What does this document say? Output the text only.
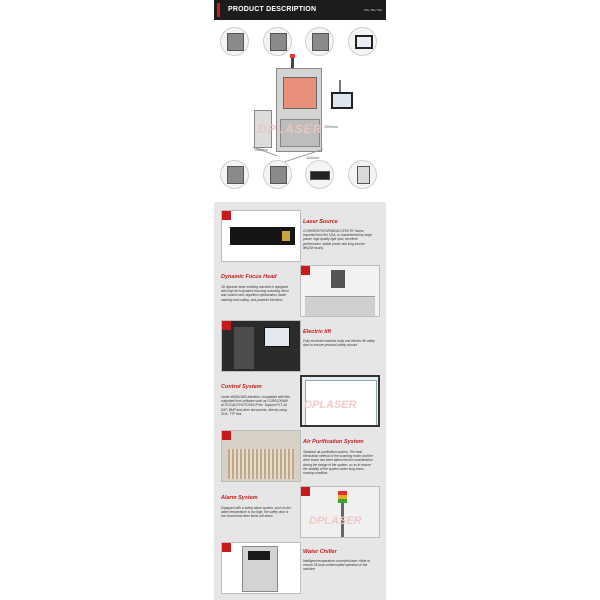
PRODUCT DESCRIPTION	Title Title Title
DPLASER
1350mm
1100mm
1900mm
Laser Source
COHERENT/SYNRAD/ACCESS RF lasers, imported from the USA, is characterized by large power, high-quality light spot, excellent performance, stable power and long service life(20k hours).
Dynamic Focus Head
3D dynamic laser marking machine is equipped with high-tech dynamic focusing scanning mirror and control card, algorithm optimization, faster marking and cutting, and powerful functions
Electric lift
Fully enclosed machine body and electric lift safety door to ensure personal safety at work
Control System
Under WINDOWS interface, compatible with files outputted from software such as CORELDRAW, AUTOCAD,PHOTOSHOP etc. Support PLT, AI, DXF, BMP and other documents, directly using SHX, TTF font.
DPLASER
Air Purification System
Standard air purification system, The heat elimination method of the scanning motor and the drive board has been taken into full consideration during the design of the system, so as to ensure the stability of the system under long-hours running condition.
Alarm System
Equipped with a safety alarm system, such as the water temperature is too high, the safety door is not closed and other faults will alarm	DPLASER
Water Chiller
Intelligent temperature-controlled laser chiller to ensure 24-hour uninterrupted operation of the machine
